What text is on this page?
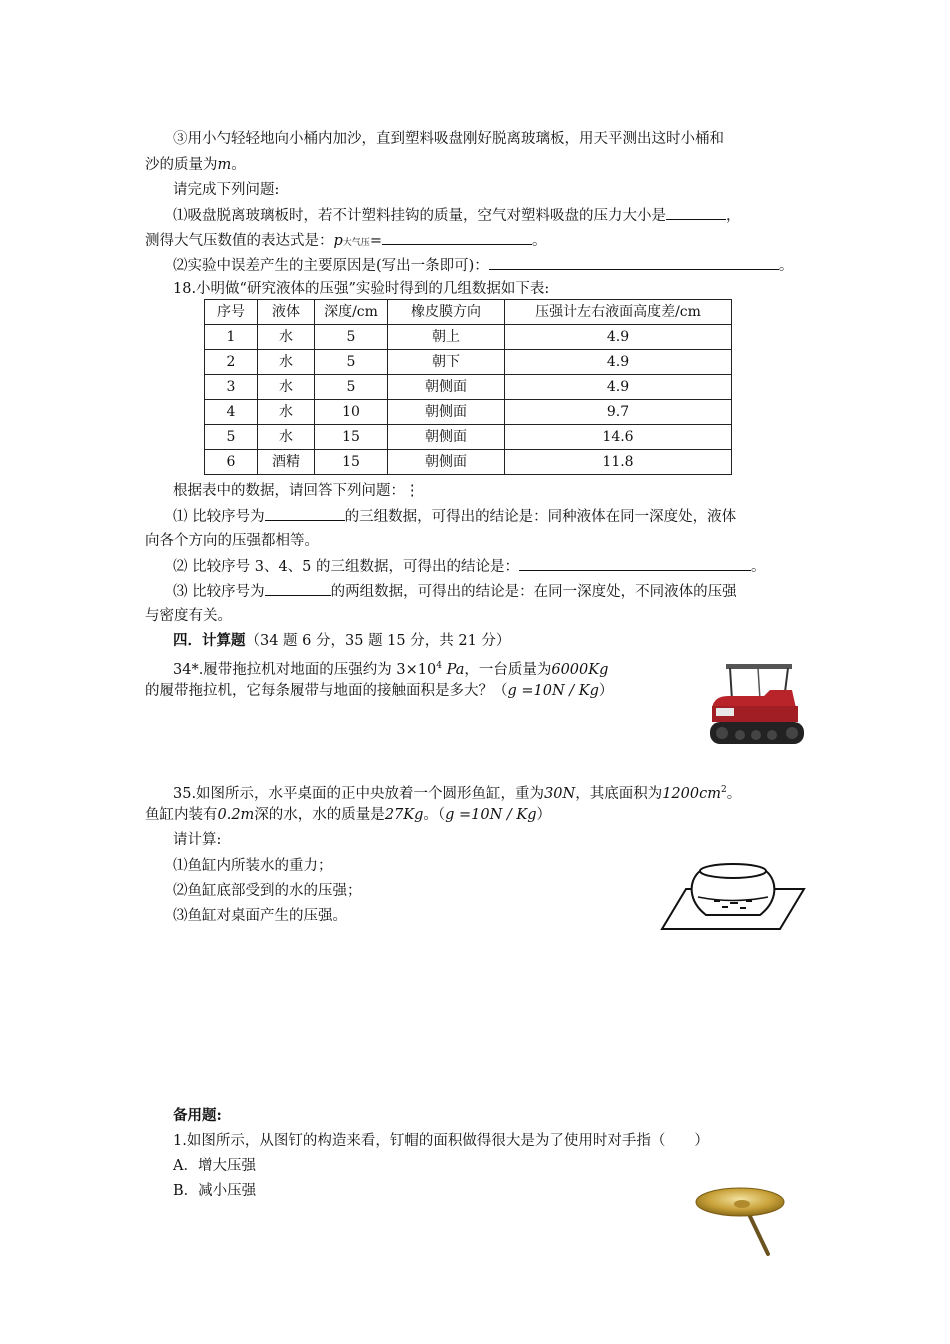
③用小勺轻轻地向小桶内加沙，直到塑料吸盘刚好脱离玻璃板，用天平测出这时小桶和
沙的质量为m。
请完成下列问题:
⑴吸盘脱离玻璃板时，若不计塑料挂钩的质量，空气对塑料吸盘的压力大小是	，
测得大气压数值的表达式是：p大气压=	。
⑵实验中误差产生的主要原因是(写出一条即可)：	。
18.小明做“研究液体的压强”实验时得到的几组数据如下表:
序号	液体	深度/cm	橡皮膜方向	压强计左右液面高度差/cm
1	水	5	朝上	4.9
2	水	5	朝下	4.9
3	水	5	朝侧面	4.9
4	水	10	朝侧面	9.7
5	水	15	朝侧面	14.6
6	酒精	15	朝侧面	11.8
根据表中的数据，请回答下列问题：⋮
⑴ 比较序号为	的三组数据，可得出的结论是：同种液体在同一深度处，液体
向各个方向的压强都相等。
⑵ 比较序号 3、4、5 的三组数据，可得出的结论是：	。
⑶ 比较序号为	的两组数据，可得出的结论是：在同一深度处，不同液体的压强
与密度有关。
四．计算题（34 题 6 分，35 题 15 分，共 21 分）
34*.履带拖拉机对地面的压强约为 $3\times 10^4$ Pa，一台质量为6000Kg
的履带拖拉机，它每条履带与地面的接触面积是多大？（g =10N / Kg）
35.如图所示，水平桌面的正中央放着一个圆形鱼缸，重为30N，其底面积为$1200cm^2$。
鱼缸内装有0.2m深的水，水的质量是27Kg。（g =10N / Kg）
请计算:
⑴鱼缸内所装水的重力；
⑵鱼缸底部受到的水的压强；
⑶鱼缸对桌面产生的压强。
备用题:
1.如图所示，从图钉的构造来看，钉帽的面积做得很大是为了使用时对手指（　　）
A．增大压强
B．减小压强
